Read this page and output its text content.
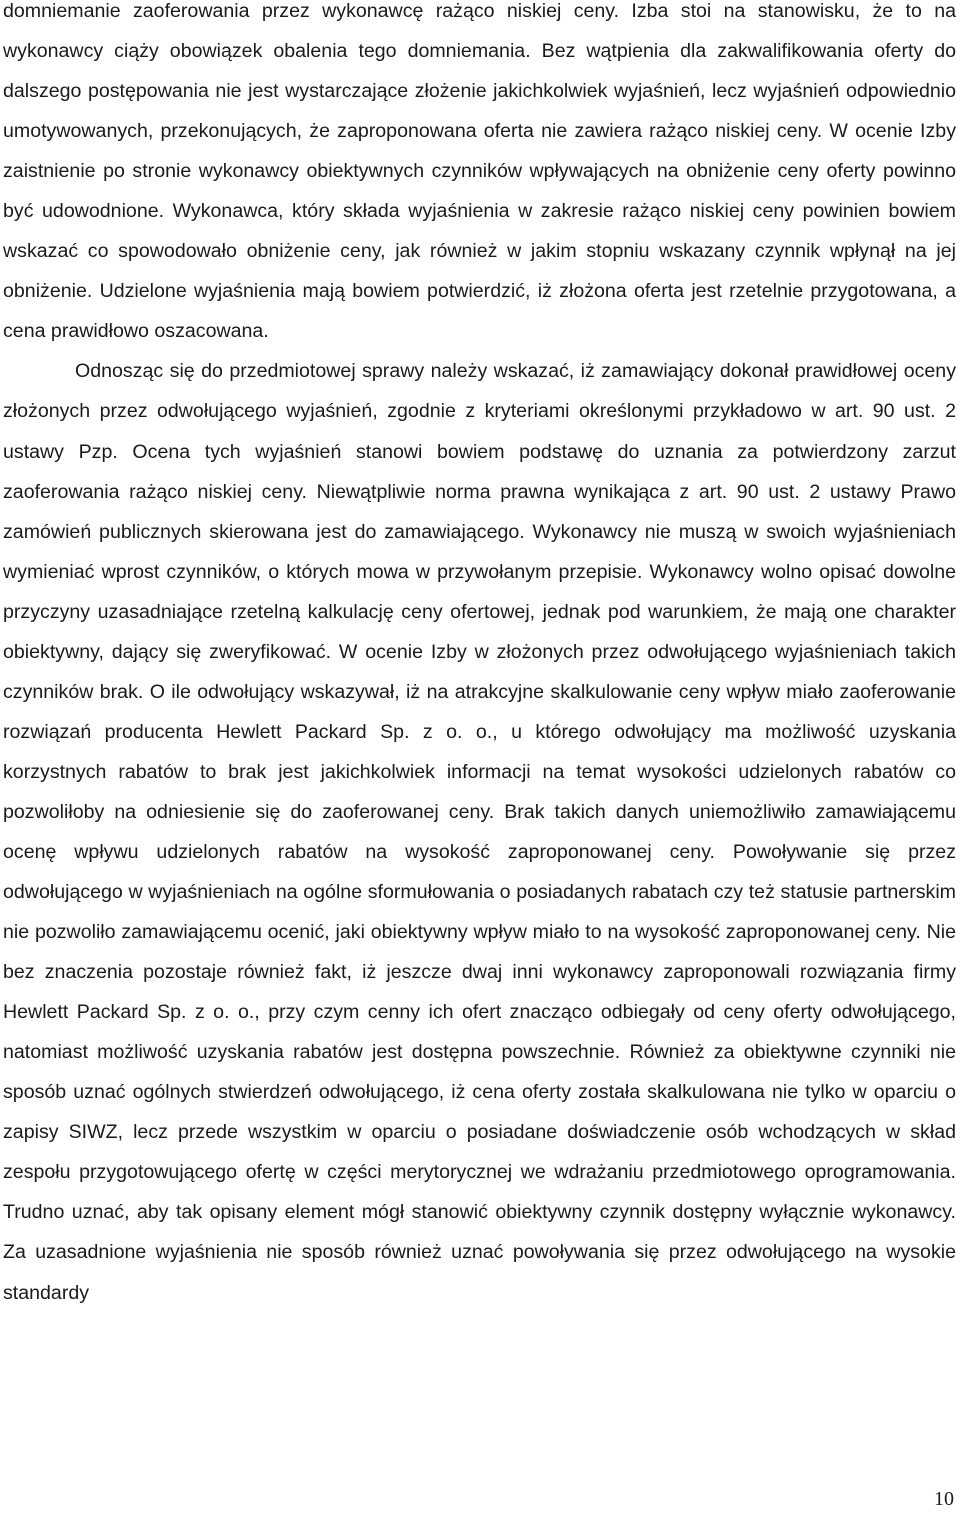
domniemanie zaoferowania przez wykonawcę rażąco niskiej ceny. Izba stoi na stanowisku, że to na wykonawcy ciąży obowiązek obalenia tego domniemania. Bez wątpienia dla zakwalifikowania oferty do dalszego postępowania nie jest wystarczające złożenie jakichkolwiek wyjaśnień, lecz wyjaśnień odpowiednio umotywowanych, przekonujących, że zaproponowana oferta nie zawiera rażąco niskiej ceny. W ocenie Izby zaistnienie po stronie wykonawcy obiektywnych czynników wpływających na obniżenie ceny oferty powinno być udowodnione. Wykonawca, który składa wyjaśnienia w zakresie rażąco niskiej ceny powinien bowiem wskazać co spowodowało obniżenie ceny, jak również w jakim stopniu wskazany czynnik wpłynął na jej obniżenie. Udzielone wyjaśnienia mają bowiem potwierdzić, iż złożona oferta jest rzetelnie przygotowana, a cena prawidłowo oszacowana.

Odnosząc się do przedmiotowej sprawy należy wskazać, iż zamawiający dokonał prawidłowej oceny złożonych przez odwołującego wyjaśnień, zgodnie z kryteriami określonymi przykładowo w art. 90 ust. 2 ustawy Pzp. Ocena tych wyjaśnień stanowi bowiem podstawę do uznania za potwierdzony zarzut zaoferowania rażąco niskiej ceny. Niewątpliwie norma prawna wynikająca z art. 90 ust. 2 ustawy Prawo zamówień publicznych skierowana jest do zamawiającego. Wykonawcy nie muszą w swoich wyjaśnieniach wymieniać wprost czynników, o których mowa w przywołanym przepisie. Wykonawcy wolno opisać dowolne przyczyny uzasadniające rzetelną kalkulację ceny ofertowej, jednak pod warunkiem, że mają one charakter obiektywny, dający się zweryfikować. W ocenie Izby w złożonych przez odwołującego wyjaśnieniach takich czynników brak. O ile odwołujący wskazywał, iż na atrakcyjne skalkulowanie ceny wpływ miało zaoferowanie rozwiązań producenta Hewlett Packard Sp. z o. o., u którego odwołujący ma możliwość uzyskania korzystnych rabatów to brak jest jakichkolwiek informacji na temat wysokości udzielonych rabatów co pozwoliłoby na odniesienie się do zaoferowanej ceny. Brak takich danych uniemożliwiło zamawiającemu ocenę wpływu udzielonych rabatów na wysokość zaproponowanej ceny. Powoływanie się przez odwołującego w wyjaśnieniach na ogólne sformułowania o posiadanych rabatach czy też statusie partnerskim nie pozwoliło zamawiającemu ocenić, jaki obiektywny wpływ miało to na wysokość zaproponowanej ceny. Nie bez znaczenia pozostaje również fakt, iż jeszcze dwaj inni wykonawcy zaproponowali rozwiązania firmy Hewlett Packard Sp. z o. o., przy czym cenny ich ofert znacząco odbiegały od ceny oferty odwołującego, natomiast możliwość uzyskania rabatów jest dostępna powszechnie. Również za obiektywne czynniki nie sposób uznać ogólnych stwierdzeń odwołującego, iż cena oferty została skalkulowana nie tylko w oparciu o zapisy SIWZ, lecz przede wszystkim w oparciu o posiadane doświadczenie osób wchodzących w skład zespołu przygotowującego ofertę w części merytorycznej we wdrażaniu przedmiotowego oprogramowania. Trudno uznać, aby tak opisany element mógł stanowić obiektywny czynnik dostępny wyłącznie wykonawcy. Za uzasadnione wyjaśnienia nie sposób również uznać powoływania się przez odwołującego na wysokie standardy

10
